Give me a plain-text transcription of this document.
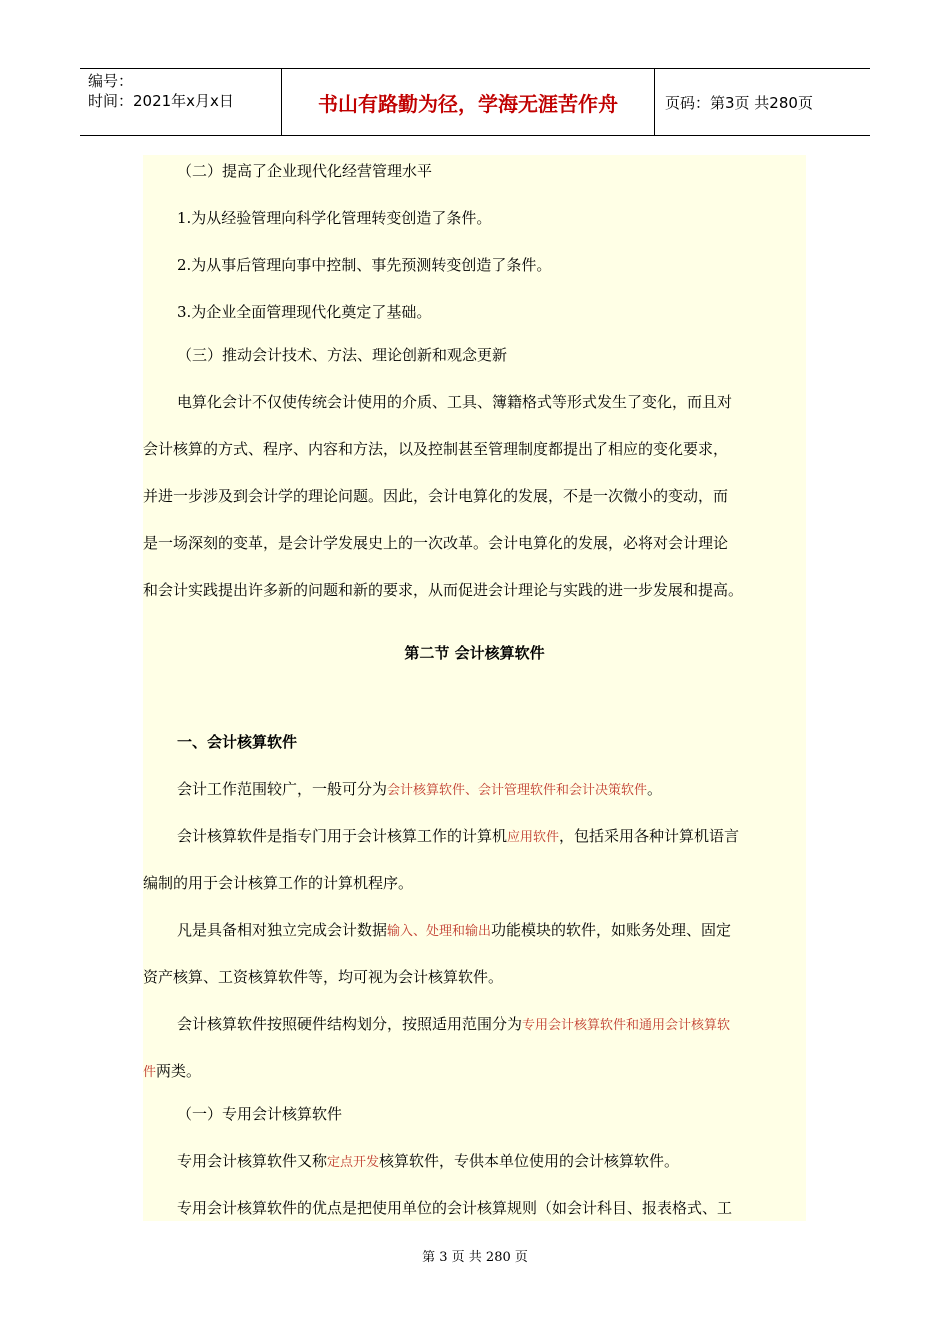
编号：
时间：2021年x月x日	书山有路勤为径，学海无涯苦作舟	页码：第3页 共280页
（二）提高了企业现代化经营管理水平
1.为从经验管理向科学化管理转变创造了条件。
2.为从事后管理向事中控制、事先预测转变创造了条件。
3.为企业全面管理现代化奠定了基础。
（三）推动会计技术、方法、理论创新和观念更新
电算化会计不仅使传统会计使用的介质、工具、簿籍格式等形式发生了变化，而且对
会计核算的方式、程序、内容和方法，以及控制甚至管理制度都提出了相应的变化要求，
并进一步涉及到会计学的理论问题。因此，会计电算化的发展，不是一次微小的变动，而
是一场深刻的变革，是会计学发展史上的一次改革。会计电算化的发展，必将对会计理论
和会计实践提出许多新的问题和新的要求，从而促进会计理论与实践的进一步发展和提高。
第二节 会计核算软件
一、会计核算软件
会计工作范围较广，一般可分为会计核算软件、会计管理软件和会计决策软件。
会计核算软件是指专门用于会计核算工作的计算机应用软件，包括采用各种计算机语言
编制的用于会计核算工作的计算机程序。
凡是具备相对独立完成会计数据输入、处理和输出功能模块的软件，如账务处理、固定
资产核算、工资核算软件等，均可视为会计核算软件。
会计核算软件按照硬件结构划分，按照适用范围分为专用会计核算软件和通用会计核算软
件两类。
（一）专用会计核算软件
专用会计核算软件又称定点开发核算软件，专供本单位使用的会计核算软件。
专用会计核算软件的优点是把使用单位的会计核算规则（如会计科目、报表格式、工
第 3 页 共 280 页
